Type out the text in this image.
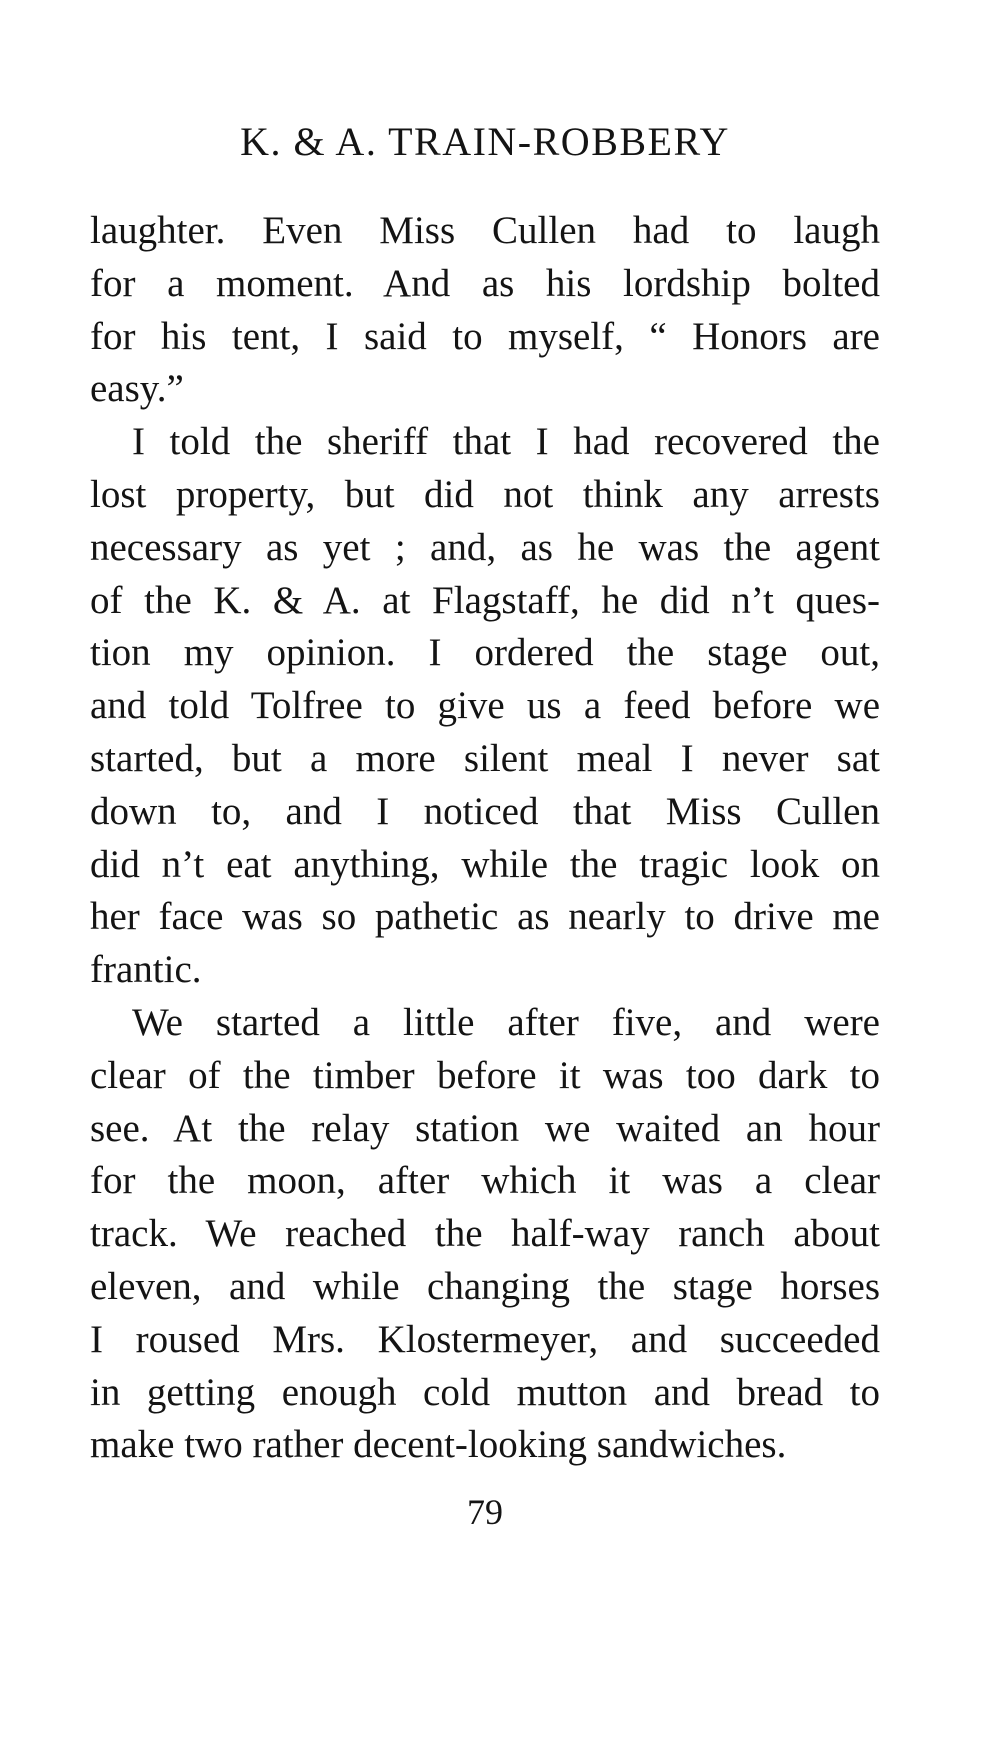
K. & A. TRAIN-ROBBERY
laughter. Even Miss Cullen had to laugh
for a moment. And as his lordship bolted
for his tent, I said to myself, “ Honors are
easy.”
I told the sheriff that I had recovered the
lost property, but did not think any arrests
necessary as yet ; and, as he was the agent
of the K. & A. at Flagstaff, he did n’t ques-
tion my opinion. I ordered the stage out,
and told Tolfree to give us a feed before we
started, but a more silent meal I never sat
down to, and I noticed that Miss Cullen
did n’t eat anything, while the tragic look on
her face was so pathetic as nearly to drive me
frantic.
We started a little after five, and were
clear of the timber before it was too dark to
see. At the relay station we waited an hour
for the moon, after which it was a clear
track. We reached the half-way ranch about
eleven, and while changing the stage horses
I roused Mrs. Klostermeyer, and succeeded
in getting enough cold mutton and bread to
make two rather decent-looking sandwiches.
79
